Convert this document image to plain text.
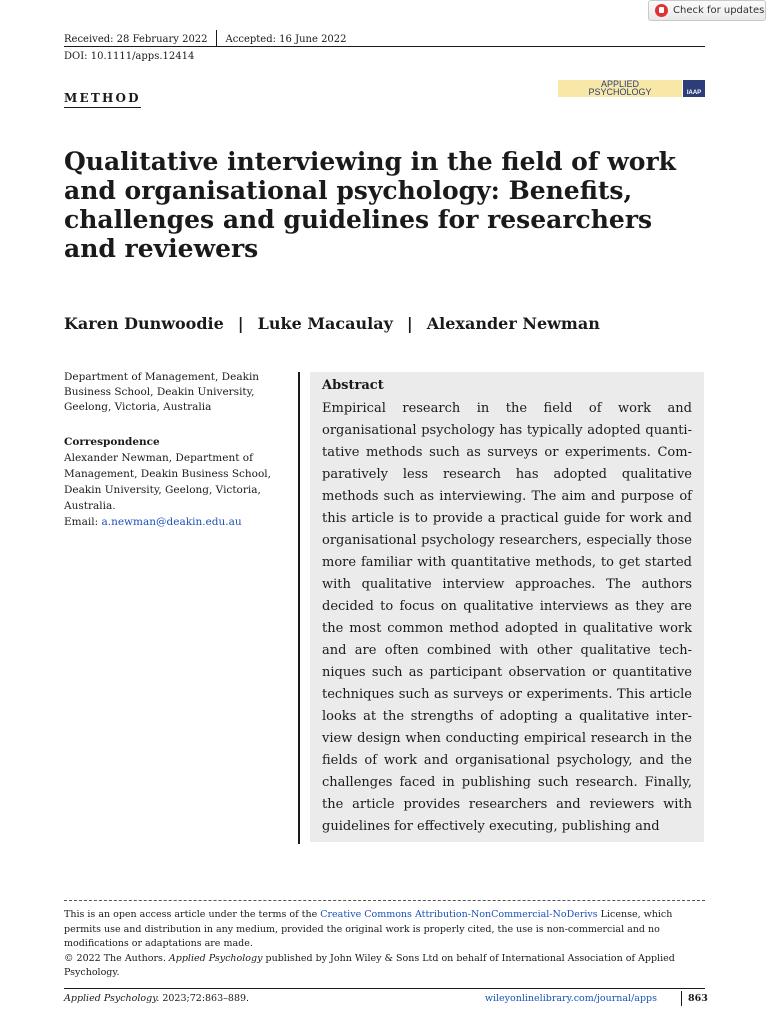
Check for updates
Received: 28 February 2022 Accepted: 16 June 2022
DOI: 10.1111/apps.12414
METHOD
APPLIED
PSYCHOLOGY	IAAP
Qualitative interviewing in the field of work and organisational psychology: Benefits, challenges and guidelines for researchers and reviewers
Karen Dunwoodie | Luke Macaulay | Alexander Newman
Department of Management, Deakin Business School, Deakin University, Geelong, Victoria, Australia
Correspondence
Alexander Newman, Department of Management, Deakin Business School, Deakin University, Geelong, Victoria, Australia.
Email: a.newman@deakin.edu.au
Abstract

Empirical research in the field of work and organisational psychology has typically adopted quantitative methods such as surveys or experiments. Comparatively less research has adopted qualitative methods such as interviewing. The aim and purpose of this article is to provide a practical guide for work and organisational psychology researchers, especially those more familiar with quantitative methods, to get started with qualitative interview approaches. The authors decided to focus on qualitative interviews as they are the most common method adopted in qualitative work and are often combined with other qualitative techniques such as participant observation or quantitative techniques such as surveys or experiments. This article looks at the strengths of adopting a qualitative interview design when conducting empirical research in the fields of work and organisational psychology, and the challenges faced in publishing such research. Finally, the article provides researchers and reviewers with guidelines for effectively executing, publishing and

This is an open access article under the terms of the Creative Commons Attribution-NonCommercial-NoDerivs License, which permits use and distribution in any medium, provided the original work is properly cited, the use is non-commercial and no modifications or adaptations are made.
© 2022 The Authors. Applied Psychology published by John Wiley & Sons Ltd on behalf of International Association of Applied Psychology.
Applied Psychology. 2023;72:863–889.	wileyonlinelibrary.com/journal/apps	863
